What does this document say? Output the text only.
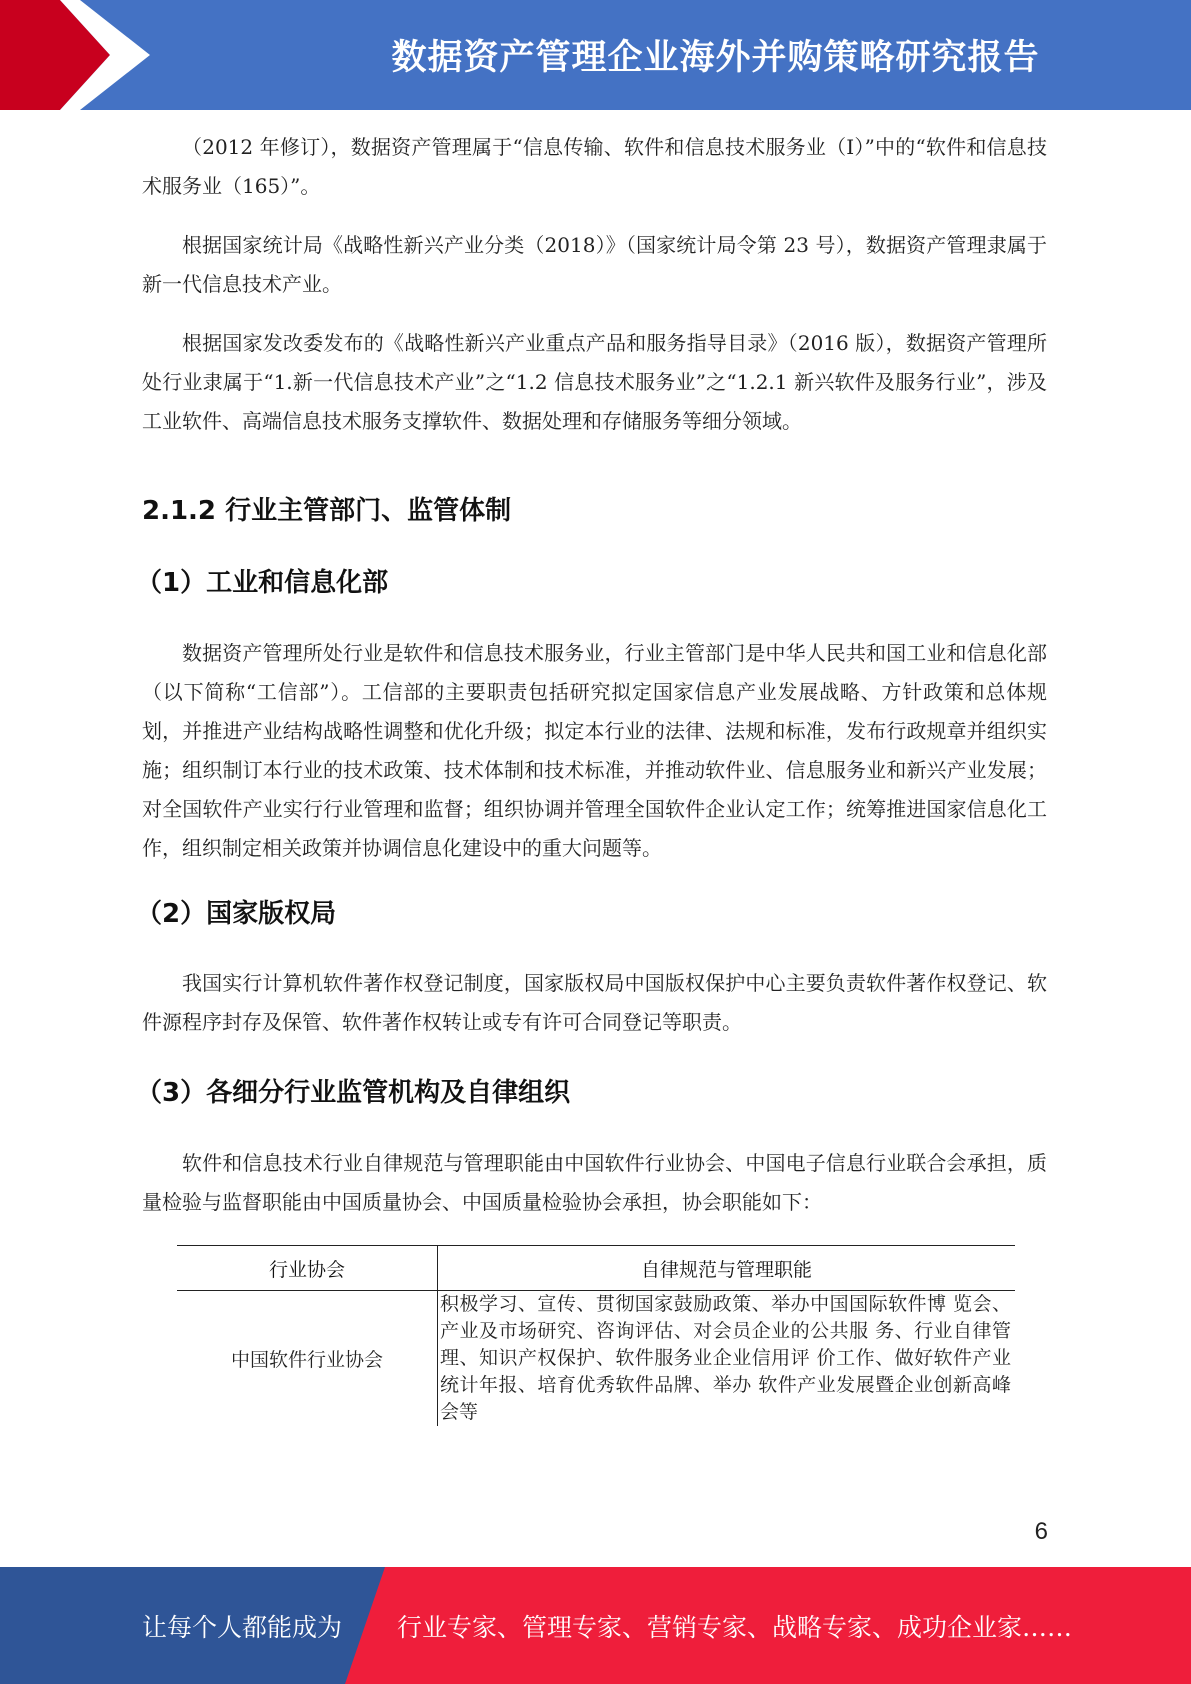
数据资产管理企业海外并购策略研究报告

（2012 年修订），数据资产管理属于“信息传输、软件和信息技术服务业（I）”中的“软件和信息技术服务业（165）”。

根据国家统计局《战略性新兴产业分类（2018）》（国家统计局令第 23 号），数据资产管理隶属于新一代信息技术产业。

根据国家发改委发布的《战略性新兴产业重点产品和服务指导目录》（2016 版），数据资产管理所处行业隶属于“1.新一代信息技术产业”之“1.2 信息技术服务业”之“1.2.1 新兴软件及服务行业”，涉及工业软件、高端信息技术服务支撑软件、数据处理和存储服务等细分领域。

2.1.2 行业主管部门、监管体制
（1）工业和信息化部

数据资产管理所处行业是软件和信息技术服务业，行业主管部门是中华人民共和国工业和信息化部（以下简称“工信部”）。工信部的主要职责包括研究拟定国家信息产业发展战略、方针政策和总体规划，并推进产业结构战略性调整和优化升级；拟定本行业的法律、法规和标准，发布行政规章并组织实施；组织制订本行业的技术政策、技术体制和技术标准，并推动软件业、信息服务业和新兴产业发展；对全国软件产业实行行业管理和监督；组织协调并管理全国软件企业认定工作；统筹推进国家信息化工作，组织制定相关政策并协调信息化建设中的重大问题等。

（2）国家版权局

我国实行计算机软件著作权登记制度，国家版权局中国版权保护中心主要负责软件著作权登记、软件源程序封存及保管、软件著作权转让或专有许可合同登记等职责。

（3）各细分行业监管机构及自律组织

软件和信息技术行业自律规范与管理职能由中国软件行业协会、中国电子信息行业联合会承担，质量检验与监督职能由中国质量协会、中国质量检验协会承担，协会职能如下：

行业协会	自律规范与管理职能
中国软件行业协会	积极学习、宣传、贯彻国家鼓励政策、举办中国国际软件博 览会、产业及市场研究、咨询评估、对会员企业的公共服 务、行业自律管理、知识产权保护、软件服务业企业信用评 价工作、做好软件产业统计年报、培育优秀软件品牌、举办 软件产业发展暨企业创新高峰会等
6
让每个人都能成为 行业专家、管理专家、营销专家、战略专家、成功企业家……
